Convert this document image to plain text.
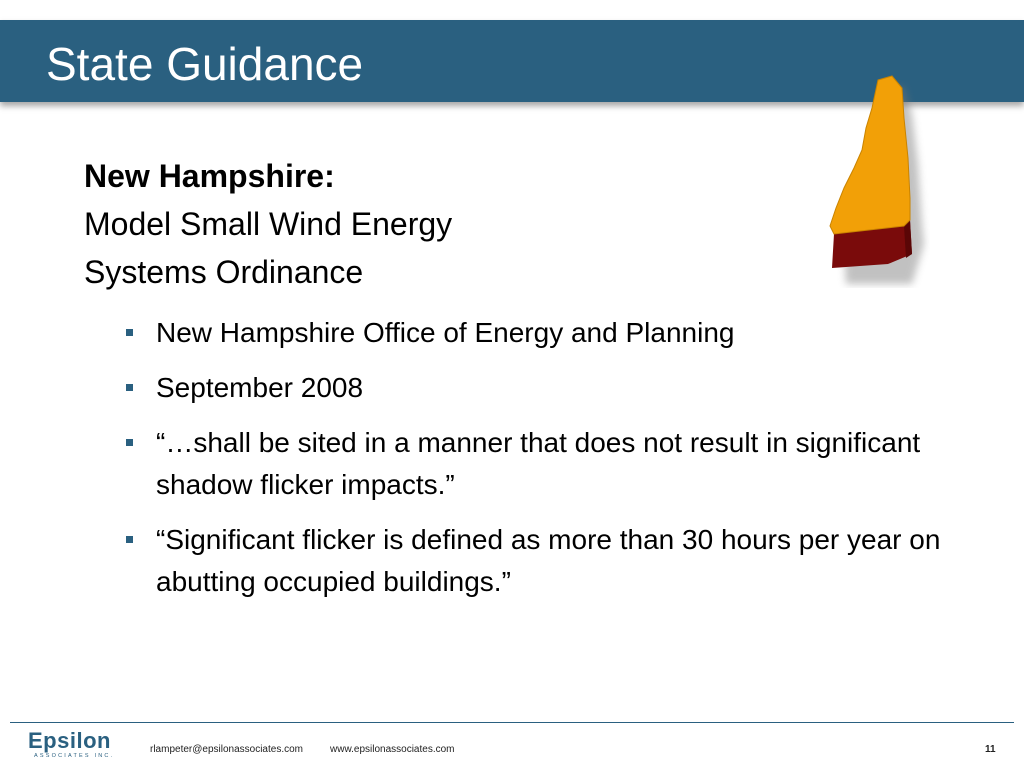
State Guidance
New Hampshire:
Model Small Wind Energy
Systems Ordinance
New Hampshire Office of Energy and Planning
September 2008
“…shall be sited in a manner that does not result in significant shadow flicker impacts.”
“Significant flicker is defined as more than 30 hours per year on abutting occupied buildings.”
Epsilon
ASSOCIATES INC.
rlampeter@epsilonassociates.com	www.epsilonassociates.com	11
